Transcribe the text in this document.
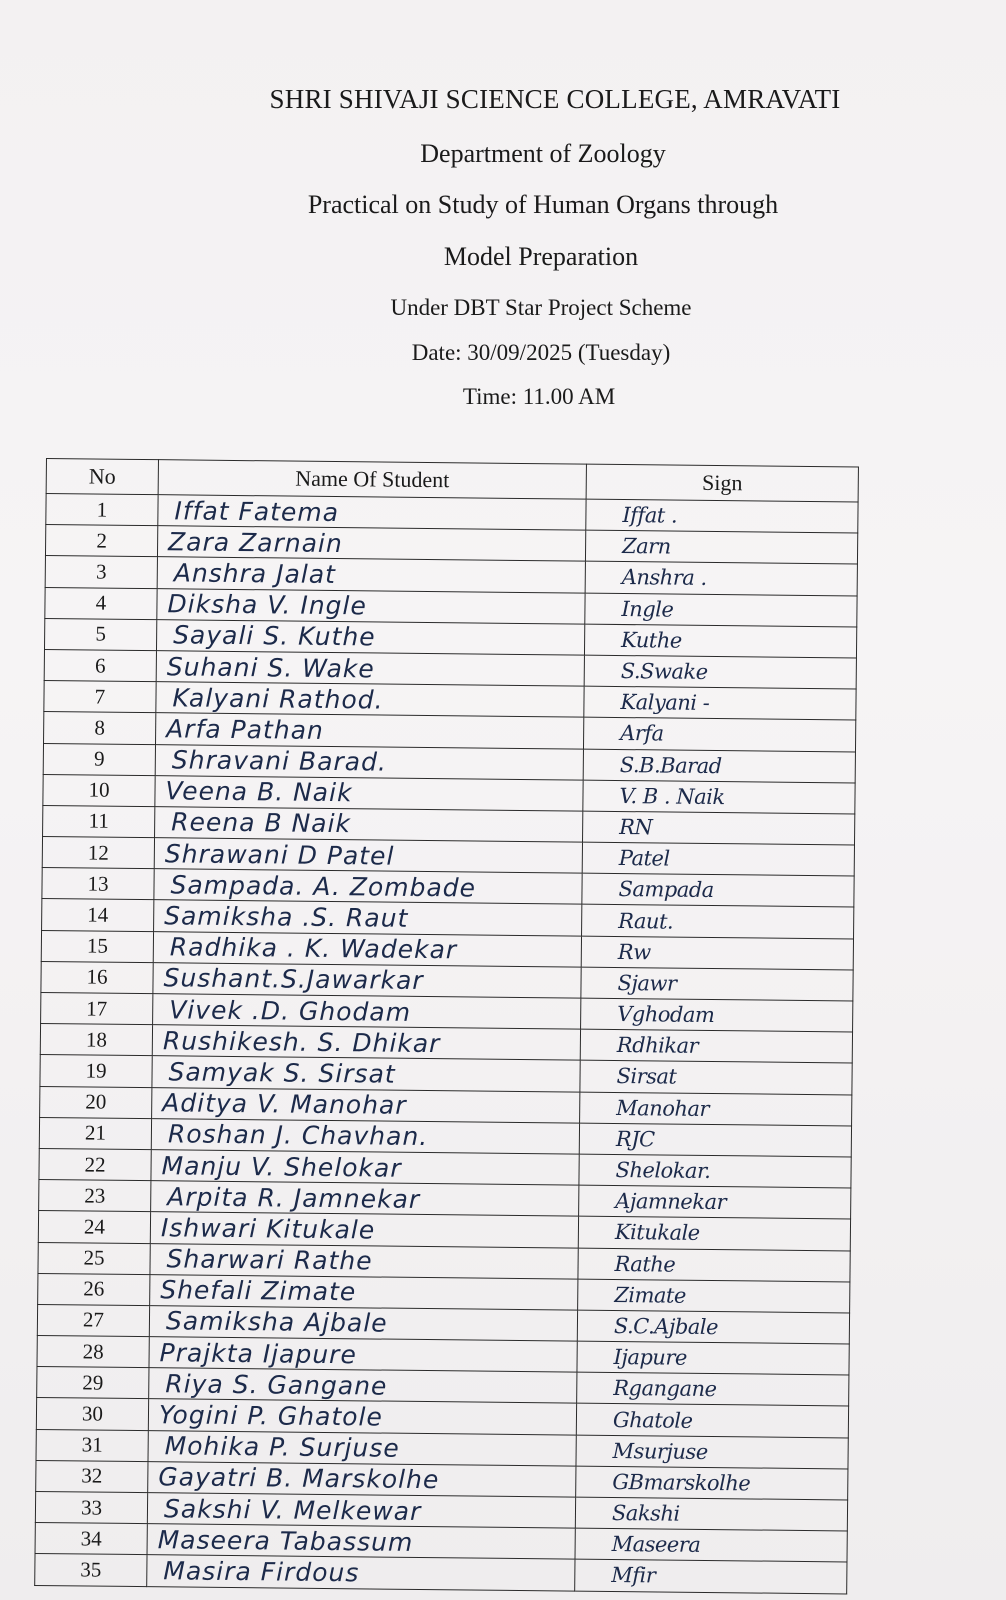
SHRI SHIVAJI SCIENCE COLLEGE, AMRAVATI
Department of Zoology
Practical on Study of Human Organs through
Model Preparation
Under DBT Star Project Scheme
Date: 30/09/2025 (Tuesday)
Time: 11.00 AM
No	Name Of Student	Sign
1	Iffat Fatema	Iffat .
2	Zara Zarnain	Zarn
3	Anshra Jalat	Anshra .
4	Diksha V. Ingle	Ingle
5	Sayali S. Kuthe	Kuthe
6	Suhani S. Wake	S.Swake
7	Kalyani Rathod.	Kalyani -
8	Arfa Pathan	Arfa
9	Shravani Barad.	S.B.Barad
10	Veena B. Naik	V. B . Naik
11	Reena B Naik	RN
12	Shrawani D Patel	Patel
13	Sampada. A. Zombade	Sampada
14	Samiksha .S. Raut	Raut.
15	Radhika . K. Wadekar	Rw
16	Sushant.S.Jawarkar	Sjawr
17	Vivek .D. Ghodam	Vghodam
18	Rushikesh. S. Dhikar	Rdhikar
19	Samyak S. Sirsat	Sirsat
20	Aditya V. Manohar	Manohar
21	Roshan J. Chavhan.	RJC
22	Manju V. Shelokar	Shelokar.
23	Arpita R. Jamnekar	Ajamnekar
24	Ishwari Kitukale	Kitukale
25	Sharwari Rathe	Rathe
26	Shefali Zimate	Zimate
27	Samiksha Ajbale	S.C.Ajbale
28	Prajkta Ijapure	Ijapure
29	Riya S. Gangane	Rgangane
30	Yogini P. Ghatole	Ghatole
31	Mohika P. Surjuse	Msurjuse
32	Gayatri B. Marskolhe	GBmarskolhe
33	Sakshi V. Melkewar	Sakshi
34	Maseera Tabassum	Maseera
35	Masira Firdous	Mfir
